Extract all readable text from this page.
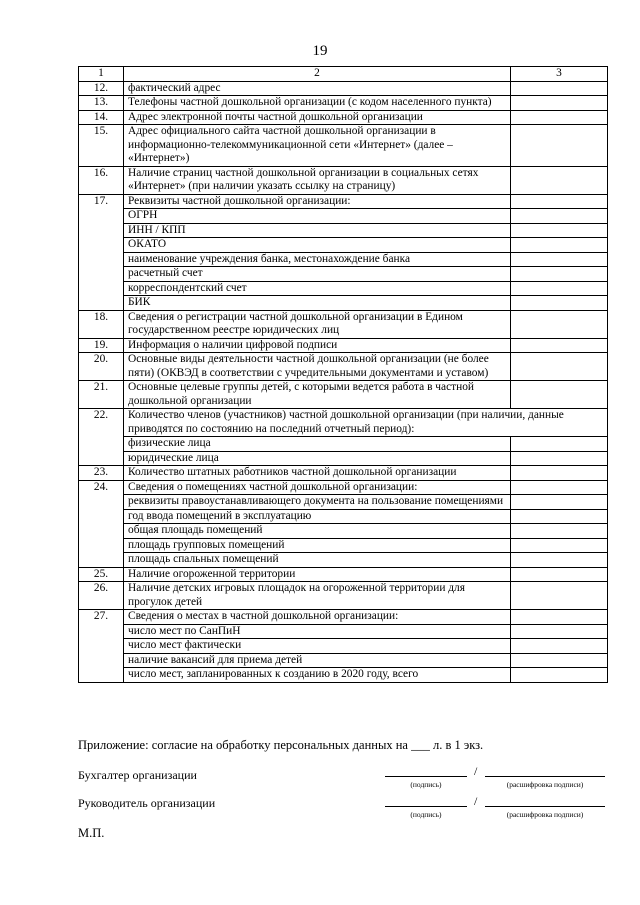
19
1	2	3
12.	фактический адрес	
13.	Телефоны частной дошкольной организации (с кодом населенного пункта)	
14.	Адрес электронной почты частной дошкольной организации	
15.	Адрес официального сайта частной дошкольной организации в информационно-телекоммуникационной сети «Интернет» (далее – «Интернет»)	
16.	Наличие страниц частной дошкольной организации в социальных сетях «Интернет» (при наличии указать ссылку на страницу)	
17.	Реквизиты частной дошкольной организации:	
	ОГРН	
	ИНН / КПП	
	ОКАТО	
	наименование учреждения банка, местонахождение банка	
	расчетный счет	
	корреспондентский счет	
	БИК	
18.	Сведения о регистрации частной дошкольной организации в Едином государственном реестре юридических лиц	
19.	Информация о наличии цифровой подписи	
20.	Основные виды деятельности частной дошкольной организации (не более пяти) (ОКВЭД в соответствии с учредительными документами и уставом)	
21.	Основные целевые группы детей, с которыми ведется работа в частной дошкольной организации	
22.	Количество членов (участников) частной дошкольной организации (при наличии, данные приводятся по состоянию на последний отчетный период):	
	физические лица	
	юридические лица	
23.	Количество штатных работников частной дошкольной организации	
24.	Сведения о помещениях частной дошкольной организации:	
	реквизиты правоустанавливающего документа на пользование помещениями	
	год ввода помещений в эксплуатацию	
	общая площадь помещений	
	площадь групповых помещений	
	площадь спальных помещений	
25.	Наличие огороженной территории	
26.	Наличие детских игровых площадок на огороженной территории для прогулок детей	
27.	Сведения о местах в частной дошкольной организации:	
	число мест по СанПиН	
	число мест фактически	
	наличие вакансий для приема детей	
	число мест, запланированных к созданию в 2020 году, всего	
Приложение: согласие на обработку персональных данных на ___ л. в 1 экз.
Бухгалтер организации	/
(подпись)	(расшифровка подписи)
Руководитель организации	/
(подпись)	(расшифровка подписи)
М.П.
